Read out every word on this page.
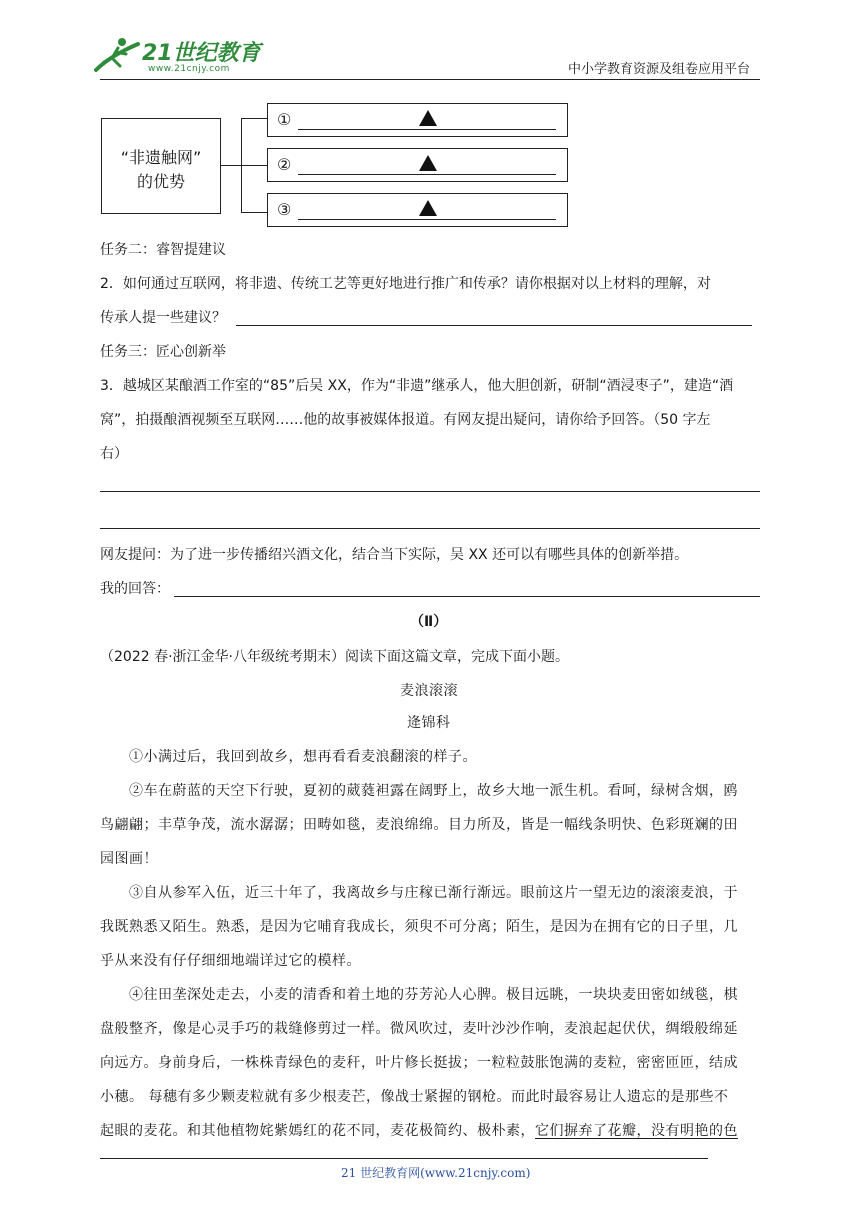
21世纪教育
www.21cnjy.com	中小学教育资源及组卷应用平台
“非遗触网”
的优势
①
②
③
任务二：睿智提建议
2．如何通过互联网，将非遗、传统工艺等更好地进行推广和传承？请你根据对以上材料的理解，对
传承人提一些建议？
任务三：匠心创新举
3．越城区某酿酒工作室的“85”后吴 XX，作为“非遗”继承人，他大胆创新，研制“酒浸枣子”，建造“酒
窝”，拍摄酿酒视频至互联网……他的故事被媒体报道。有网友提出疑问，请你给予回答。（50 字左
右）
网友提问：为了进一步传播绍兴酒文化，结合当下实际，吴 XX 还可以有哪些具体的创新举措。
我的回答：
（Ⅱ）
（2022 春·浙江金华·八年级统考期末）阅读下面这篇文章，完成下面小题。
麦浪滚滚
逄锦科
①小满过后，我回到故乡，想再看看麦浪翻滚的样子。
②车在蔚蓝的天空下行驶，夏初的葳蕤袒露在阔野上，故乡大地一派生机。看呵，绿树含烟，鸥
鸟翩翩；丰草争茂，流水潺潺；田畴如毯，麦浪绵绵。目力所及，皆是一幅线条明快、色彩斑斓的田
园图画！
③自从参军入伍，近三十年了，我离故乡与庄稼已渐行渐远。眼前这片一望无边的滚滚麦浪，于
我既熟悉又陌生。熟悉，是因为它哺育我成长，须臾不可分离；陌生，是因为在拥有它的日子里，几
乎从来没有仔仔细细地端详过它的模样。
④往田垄深处走去，小麦的清香和着土地的芬芳沁人心脾。极目远眺，一块块麦田密如绒毯，棋
盘般整齐，像是心灵手巧的栽缝修剪过一样。微风吹过，麦叶沙沙作响，麦浪起起伏伏，绸缎般绵延
向远方。身前身后，一株株青绿色的麦秆，叶片修长挺拔；一粒粒鼓胀饱满的麦粒，密密匝匝，结成
小穗。 每穗有多少颗麦粒就有多少根麦芒，像战士紧握的钢枪。而此时最容易让人遗忘的是那些不
起眼的麦花。和其他植物姹紫嫣红的花不同，麦花极简约、极朴素，它们摒弃了花瓣，没有明艳的色
21 世纪教育网(www.21cnjy.com)
